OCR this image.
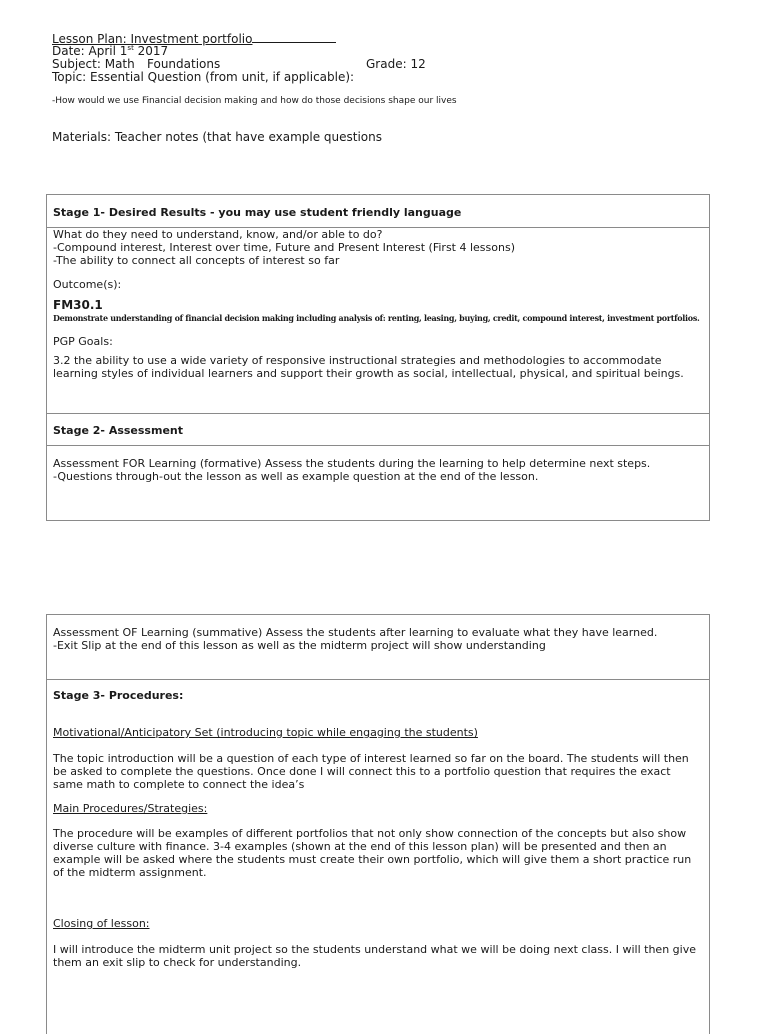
Lesson Plan: Investment portfolio
Date: April 1st 2017
Subject: Math Foundations	Grade: 12
Topic: Essential Question (from unit, if applicable):
-How would we use Financial decision making and how do those decisions shape our lives
Materials: Teacher notes (that have example questions
Stage 1- Desired Results - you may use student friendly language
What do they need to understand, know, and/or able to do?
-Compound interest, Interest over time, Future and Present Interest (First 4 lessons)
-The ability to connect all concepts of interest so far
Outcome(s):
FM30.1
Demonstrate understanding of financial decision making including analysis of: renting, leasing, buying, credit, compound interest, investment portfolios.
PGP Goals:
3.2 the ability to use a wide variety of responsive instructional strategies and methodologies to accommodate learning styles of individual learners and support their growth as social, intellectual, physical, and spiritual beings.
Stage 2- Assessment
Assessment FOR Learning (formative) Assess the students during the learning to help determine next steps.
-Questions through-out the lesson as well as example question at the end of the lesson.
Assessment OF Learning (summative) Assess the students after learning to evaluate what they have learned.
-Exit Slip at the end of this lesson as well as the midterm project will show understanding
Stage 3- Procedures:
Motivational/Anticipatory Set (introducing topic while engaging the students)
The topic introduction will be a question of each type of interest learned so far on the board. The students will then be asked to complete the questions. Once done I will connect this to a portfolio question that requires the exact same math to complete to connect the idea’s
Main Procedures/Strategies:
The procedure will be examples of different portfolios that not only show connection of the concepts but also show diverse culture with finance. 3-4 examples (shown at the end of this lesson plan) will be presented and then an example will be asked where the students must create their own portfolio, which will give them a short practice run of the midterm assignment.
Closing of lesson:
I will introduce the midterm unit project so the students understand what we will be doing next class. I will then give them an exit slip to check for understanding.
